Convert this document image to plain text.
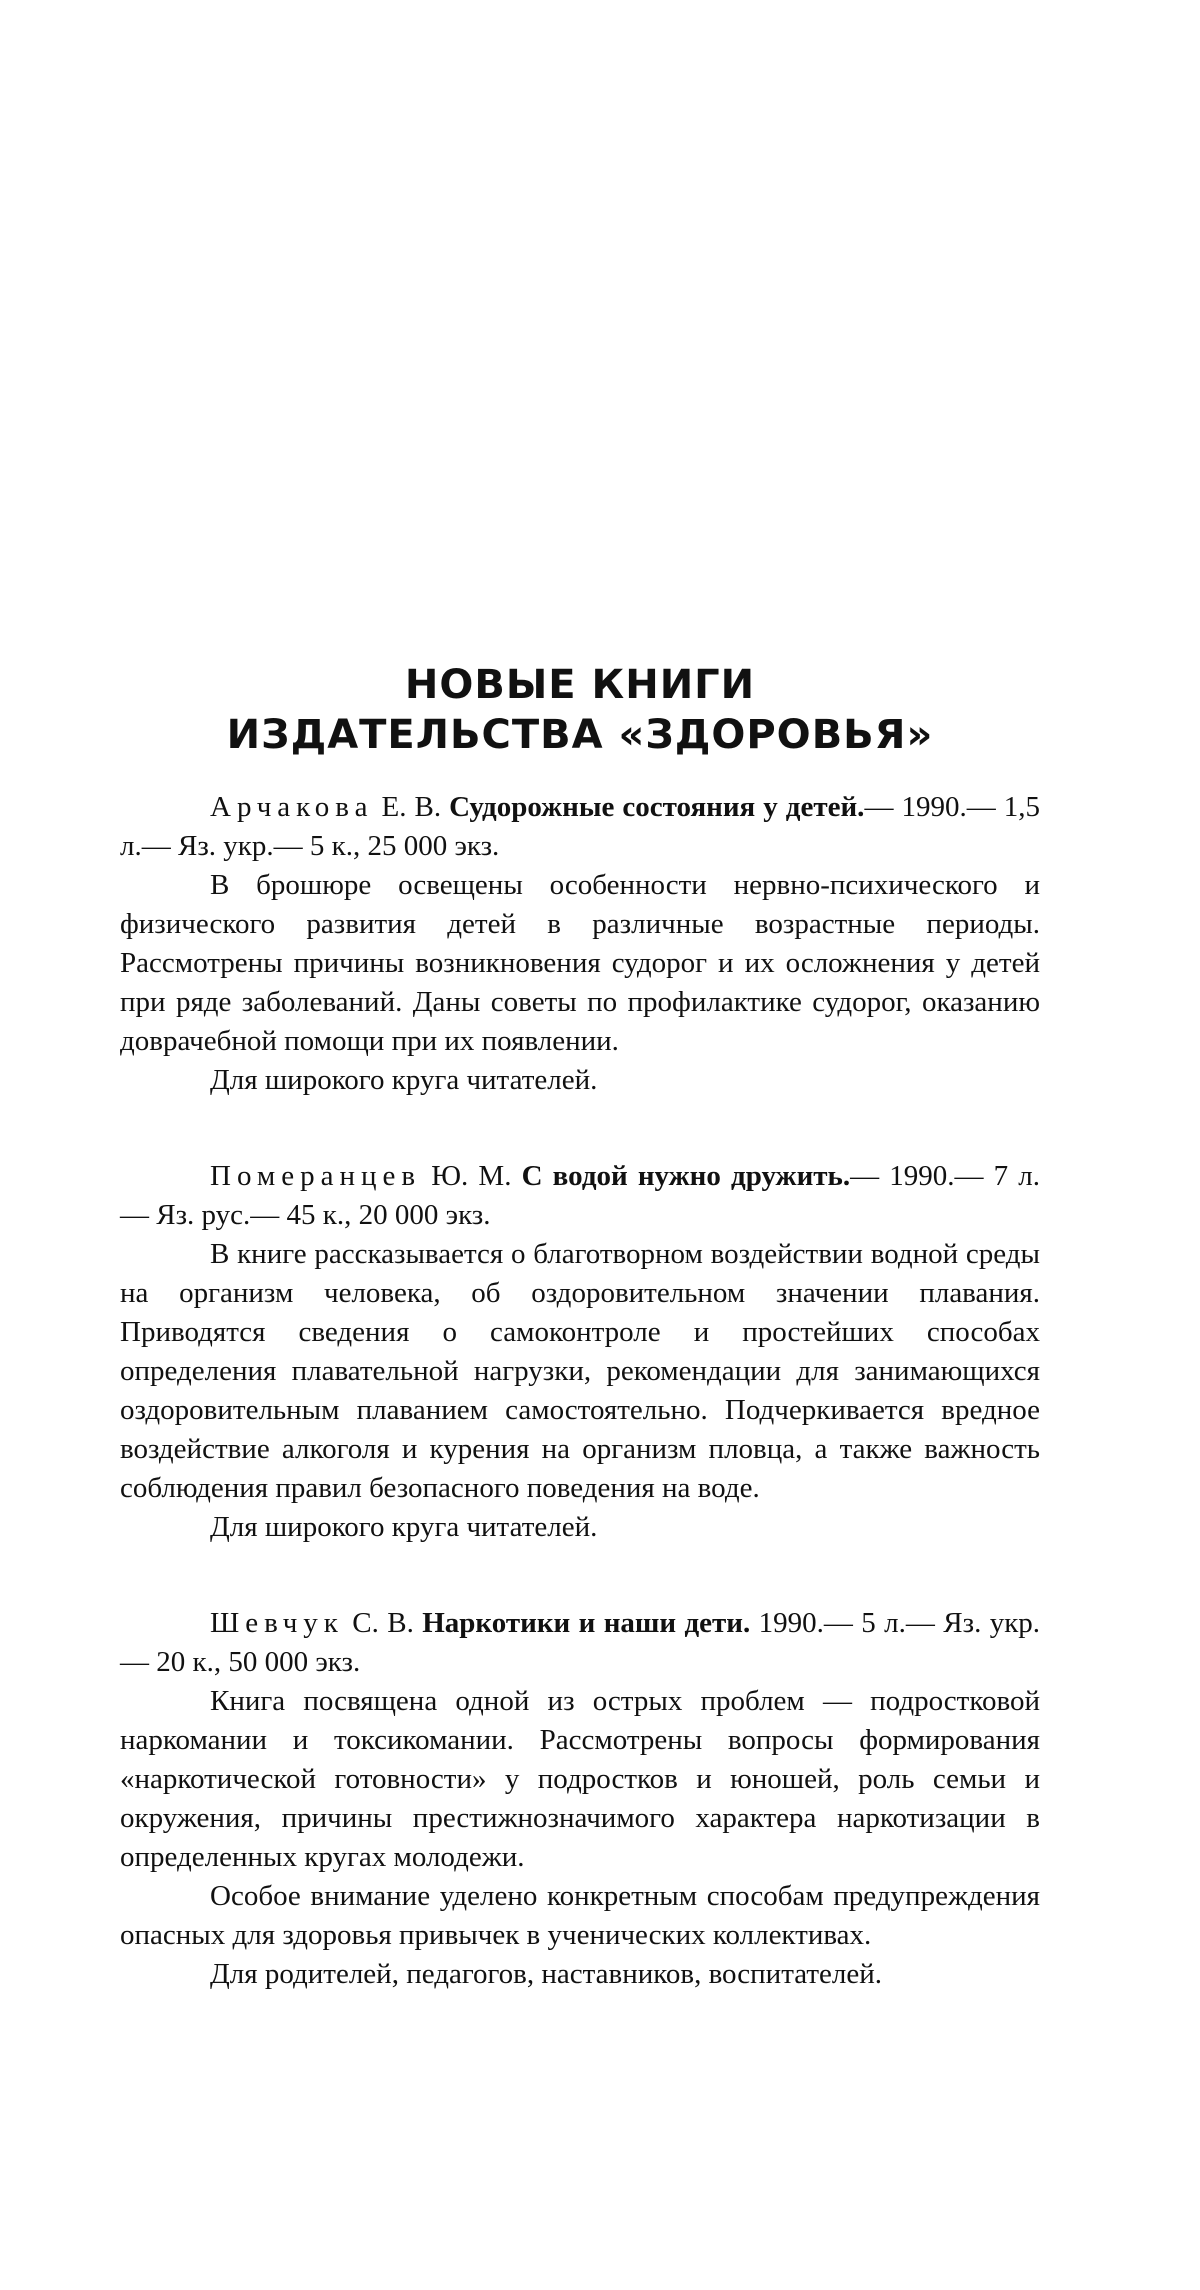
НОВЫЕ КНИГИ
ИЗДАТЕЛЬСТВА «ЗДОРОВЬЯ»

Арчакова Е. В. Судорожные состояния у детей.— 1990.— 1,5 л.— Яз. укр.— 5 к., 25 000 экз.

В брошюре освещены особенности нервно-психического и физического развития детей в различные возрастные периоды. Рассмотрены причины возникновения судорог и их осложнения у детей при ряде заболеваний. Даны советы по профилактике судорог, оказанию доврачебной помощи при их появлении.

Для широкого круга читателей.

Померанцев Ю. М. С водой нужно дружить.— 1990.— 7 л.— Яз. рус.— 45 к., 20 000 экз.

В книге рассказывается о благотворном воздействии водной среды на организм человека, об оздоровительном значении плавания. Приводятся сведения о самоконтроле и простейших способах определения плавательной нагрузки, рекомендации для занимающихся оздоровительным плаванием самостоятельно. Подчеркивается вредное воздействие алкоголя и курения на организм пловца, а также важность соблюдения правил безопасного поведения на воде.

Для широкого круга читателей.

Шевчук С. В. Наркотики и наши дети. 1990.— 5 л.— Яз. укр.— 20 к., 50 000 экз.

Книга посвящена одной из острых проблем — подростковой наркомании и токсикомании. Рассмотрены вопросы формирования «наркотической готовности» у подростков и юношей, роль семьи и окружения, причины престижнозначимого характера наркотизации в определенных кругах молодежи.

Особое внимание уделено конкретным способам предупреждения опасных для здоровья привычек в ученических коллективах.

Для родителей, педагогов, наставников, воспитателей.
